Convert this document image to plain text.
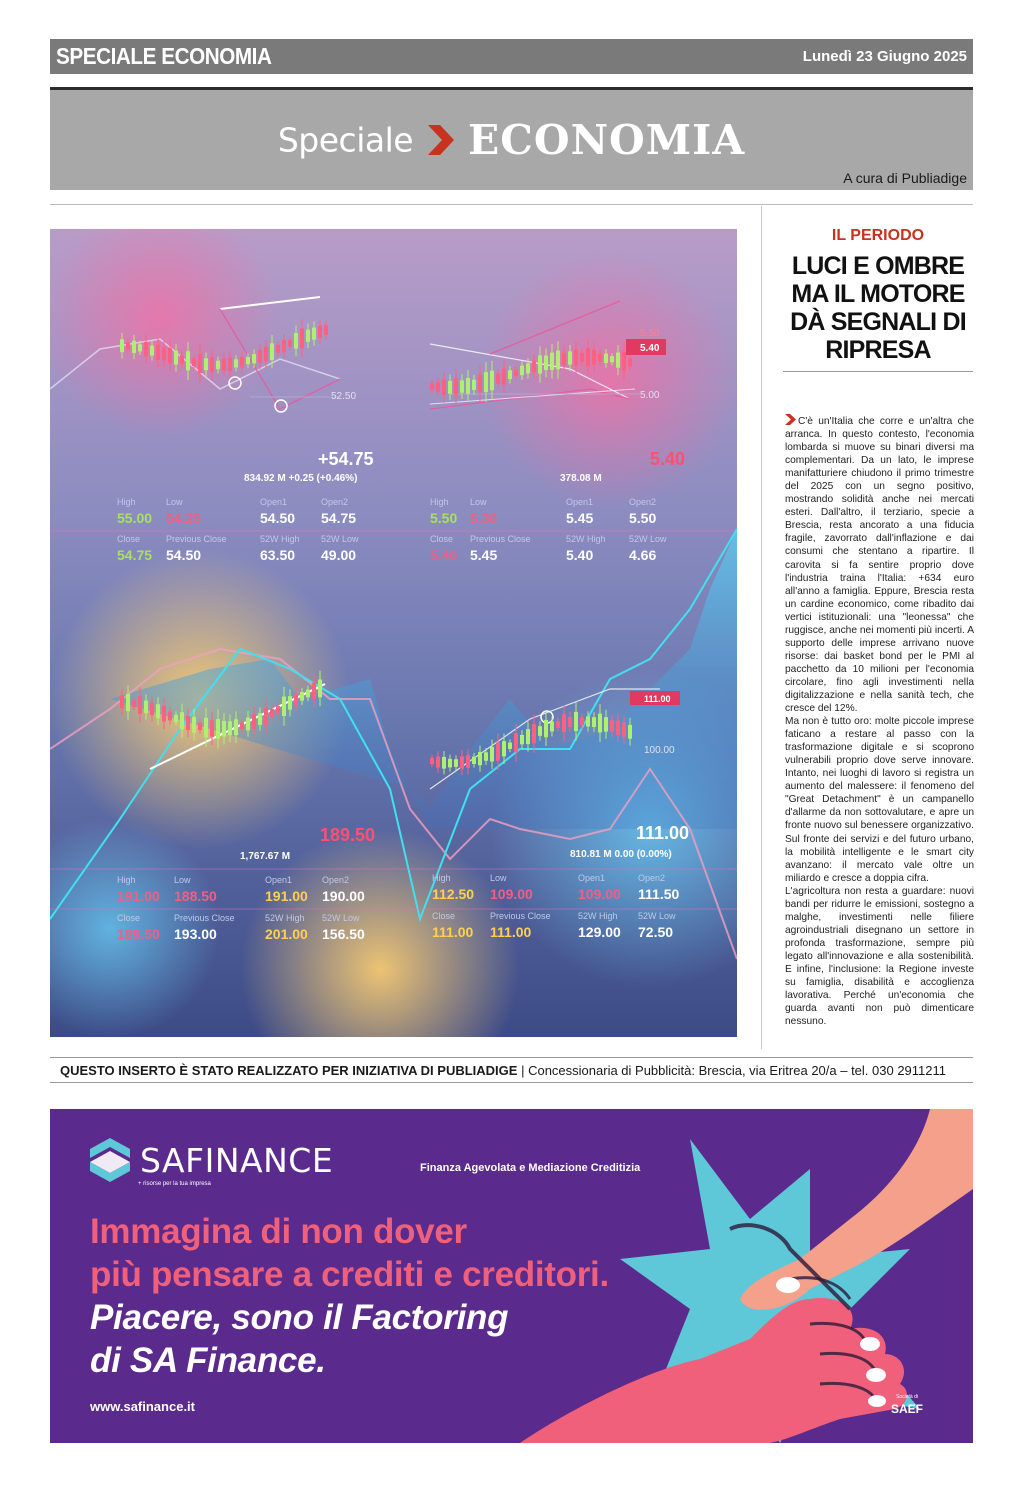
SPECIALE ECONOMIA	Lunedì 23 Giugno 2025
Speciale ECONOMIA
A cura di Publiadige
52.50
5.50
5.40
5.00
+54.75
834.92 M +0.25 (+0.46%)
High	Low	Open1	Open2
55.00 54.25	54.50 54.75
Close	Previous Close	52W High 52W Low
54.75 54.50	63.50 49.00
5.40
378.08 M
High Low	Open1	Open2
5.50 5.36	5.45	5.50
Close Previous Close	52W High	52W Low
5.40 5.45	5.40	4.66
111.00
100.00
189.50
1,767.67 M
High	Low	Open1	Open2
191.00 188.50	191.00 190.00
Close	Previous Close	52W High 52W Low
189.50 193.00	201.00 156.50
111.00
810.81 M 0.00 (0.00%)
High	Low	Open1	Open2
112.50 109.00	109.00 111.50
Close	Previous Close	52W High 52W Low
111.00 111.00	129.00 72.50
IL PERIODO
LUCI E OMBRE MA IL MOTORE DÀ SEGNALI DI RIPRESA

C'è un'Italia che corre e un'altra che arranca. In questo contesto, l'economia lombarda si muove su binari diversi ma complementari. Da un lato, le imprese manifatturiere chiudono il primo trimestre del 2025 con un segno positivo, mostrando solidità anche nei mercati esteri. Dall'altro, il terziario, specie a Brescia, resta ancorato a una fiducia fragile, zavorrato dall'inflazione e dai consumi che stentano a ripartire. Il carovita si fa sentire proprio dove l'industria traina l'Italia: +634 euro all'anno a famiglia. Eppure, Brescia resta un cardine economico, come ribadito dai vertici istituzionali: una "leonessa" che ruggisce, anche nei momenti più incerti. A supporto delle imprese arrivano nuove risorse: dai basket bond per le PMI al pacchetto da 10 milioni per l'economia circolare, fino agli investimenti nella digitalizzazione e nella sanità tech, che cresce del 12%.

Ma non è tutto oro: molte piccole imprese faticano a restare al passo con la trasformazione digitale e si scoprono vulnerabili proprio dove serve innovare. Intanto, nei luoghi di lavoro si registra un aumento del malessere: il fenomeno del "Great Detachment" è un campanello d'allarme da non sottovalutare, e apre un fronte nuovo sul benessere organizzativo. Sul fronte dei servizi e del futuro urbano, la mobilità intelligente e le smart city avanzano: il mercato vale oltre un miliardo e cresce a doppia cifra.

L'agricoltura non resta a guardare: nuovi bandi per ridurre le emissioni, sostegno a malghe, investimenti nelle filiere agroindustriali disegnano un settore in profonda trasformazione, sempre più legato all'innovazione e alla sostenibilità. E infine, l'inclusione: la Regione investe su famiglia, disabilità e accoglienza lavorativa. Perché un'economia che guarda avanti non può dimenticare nessuno.

QUESTO INSERTO È STATO REALIZZATO PER INIZIATIVA DI PUBLIADIGE | Concessionaria di Pubblicità: Brescia, via Eritrea 20/a – tel. 030 2911211
SAFINANCE
+ risorse per la tua impresa
Finanza Agevolata e Mediazione Creditizia
Immagina di non dover
più pensare a crediti e creditori.
Piacere, sono il Factoring
di SA Finance.
www.safinance.it
Società di
SAEF
